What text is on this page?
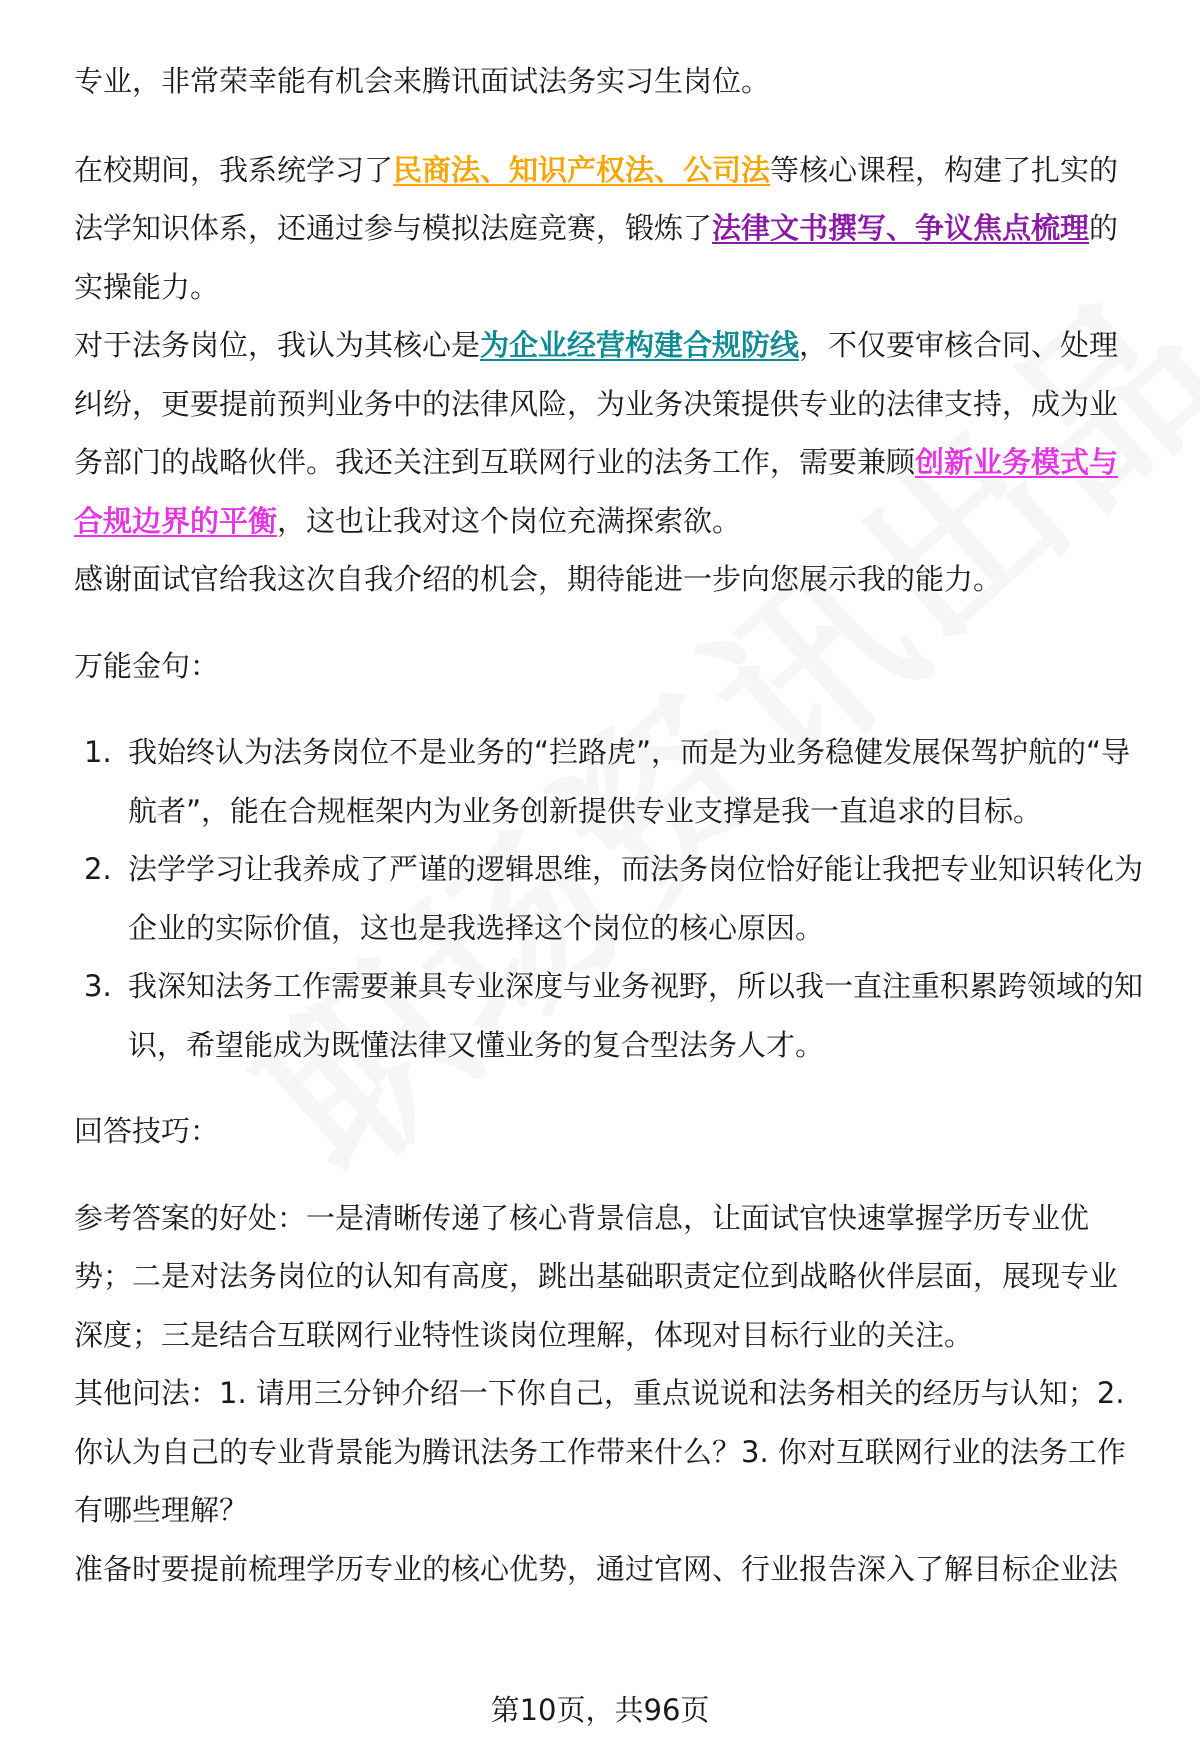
专业，非常荣幸能有机会来腾讯面试法务实习生岗位。

在校期间，我系统学习了民商法、知识产权法、公司法等核心课程，构建了扎实的法学知识体系，还通过参与模拟法庭竞赛，锻炼了法律文书撰写、争议焦点梳理的实操能力。

对于法务岗位，我认为其核心是为企业经营构建合规防线，不仅要审核合同、处理纠纷，更要提前预判业务中的法律风险，为业务决策提供专业的法律支持，成为业务部门的战略伙伴。我还关注到互联网行业的法务工作，需要兼顾创新业务模式与合规边界的平衡，这也让我对这个岗位充满探索欲。

感谢面试官给我这次自我介绍的机会，期待能进一步向您展示我的能力。

万能金句：

1. 我始终认为法务岗位不是业务的“拦路虎”，而是为业务稳健发展保驾护航的“导航者”，能在合规框架内为业务创新提供专业支撑是我一直追求的目标。
2. 法学学习让我养成了严谨的逻辑思维，而法务岗位恰好能让我把专业知识转化为企业的实际价值，这也是我选择这个岗位的核心原因。
3. 我深知法务工作需要兼具专业深度与业务视野，所以我一直注重积累跨领域的知识，希望能成为既懂法律又懂业务的复合型法务人才。

回答技巧：

参考答案的好处：一是清晰传递了核心背景信息，让面试官快速掌握学历专业优势；二是对法务岗位的认知有高度，跳出基础职责定位到战略伙伴层面，展现专业深度；三是结合互联网行业特性谈岗位理解，体现对目标行业的关注。

其他问法：1. 请用三分钟介绍一下你自己，重点说说和法务相关的经历与认知；2. 你认为自己的专业背景能为腾讯法务工作带来什么？3. 你对互联网行业的法务工作有哪些理解？

准备时要提前梳理学历专业的核心优势，通过官网、行业报告深入了解目标企业法

第10页，共96页
